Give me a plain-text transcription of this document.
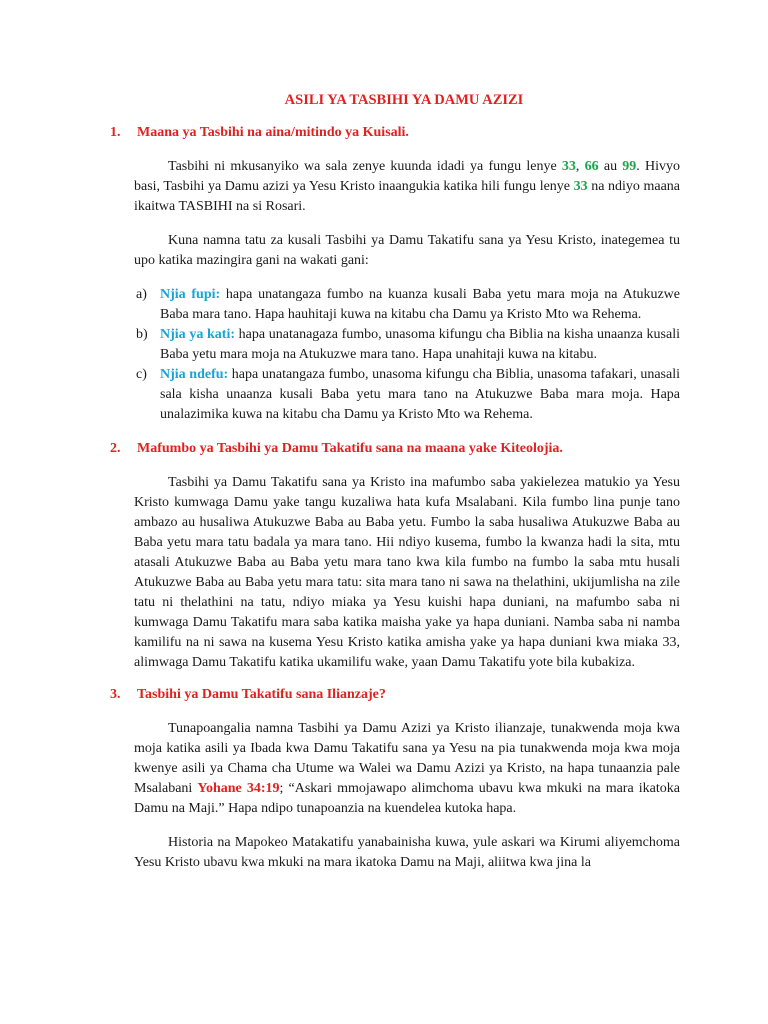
ASILI YA TASBIHI YA DAMU AZIZI
1.	Maana ya Tasbihi na aina/mitindo ya Kuisali.

Tasbihi ni mkusanyiko wa sala zenye kuunda idadi ya fungu lenye 33, 66 au 99. Hivyo basi, Tasbihi ya Damu azizi ya Yesu Kristo inaangukia katika hili fungu lenye 33 na ndiyo maana ikaitwa TASBIHI na si Rosari.

Kuna namna tatu za kusali Tasbihi ya Damu Takatifu sana ya Yesu Kristo, inategemea tu upo katika mazingira gani na wakati gani:

a) Njia fupi: hapa unatangaza fumbo na kuanza kusali Baba yetu mara moja na Atukuzwe Baba mara tano. Hapa hauhitaji kuwa na kitabu cha Damu ya Kristo Mto wa Rehema.
b) Njia ya kati: hapa unatanagaza fumbo, unasoma kifungu cha Biblia na kisha unaanza kusali Baba yetu mara moja na Atukuzwe mara tano. Hapa unahitaji kuwa na kitabu.
c) Njia ndefu: hapa unatangaza fumbo, unasoma kifungu cha Biblia, unasoma tafakari, unasali sala kisha unaanza kusali Baba yetu mara tano na Atukuzwe Baba mara moja. Hapa unalazimika kuwa na kitabu cha Damu ya Kristo Mto wa Rehema.
2.	Mafumbo ya Tasbihi ya Damu Takatifu sana na maana yake Kiteolojia.

Tasbihi ya Damu Takatifu sana ya Kristo ina mafumbo saba yakielezea matukio ya Yesu Kristo kumwaga Damu yake tangu kuzaliwa hata kufa Msalabani. Kila fumbo lina punje tano ambazo au husaliwa Atukuzwe Baba au Baba yetu. Fumbo la saba husaliwa Atukuzwe Baba au Baba yetu mara tatu badala ya mara tano. Hii ndiyo kusema, fumbo la kwanza hadi la sita, mtu atasali Atukuzwe Baba au Baba yetu mara tano kwa kila fumbo na fumbo la saba mtu husali Atukuzwe Baba au Baba yetu mara tatu: sita mara tano ni sawa na thelathini, ukijumlisha na zile tatu ni thelathini na tatu, ndiyo miaka ya Yesu kuishi hapa duniani, na mafumbo saba ni kumwaga Damu Takatifu mara saba katika maisha yake ya hapa duniani. Namba saba ni namba kamilifu na ni sawa na kusema Yesu Kristo katika amisha yake ya hapa duniani kwa miaka 33, alimwaga Damu Takatifu katika ukamilifu wake, yaan Damu Takatifu yote bila kubakiza.

3.	Tasbihi ya Damu Takatifu sana Ilianzaje?

Tunapoangalia namna Tasbihi ya Damu Azizi ya Kristo ilianzaje, tunakwenda moja kwa moja katika asili ya Ibada kwa Damu Takatifu sana ya Yesu na pia tunakwenda moja kwa moja kwenye asili ya Chama cha Utume wa Walei wa Damu Azizi ya Kristo, na hapa tunaanzia pale Msalabani Yohane 34:19; “Askari mmojawapo alimchoma ubavu kwa mkuki na mara ikatoka Damu na Maji.” Hapa ndipo tunapoanzia na kuendelea kutoka hapa.

Historia na Mapokeo Matakatifu yanabainisha kuwa, yule askari wa Kirumi aliyemchoma Yesu Kristo ubavu kwa mkuki na mara ikatoka Damu na Maji, aliitwa kwa jina la
